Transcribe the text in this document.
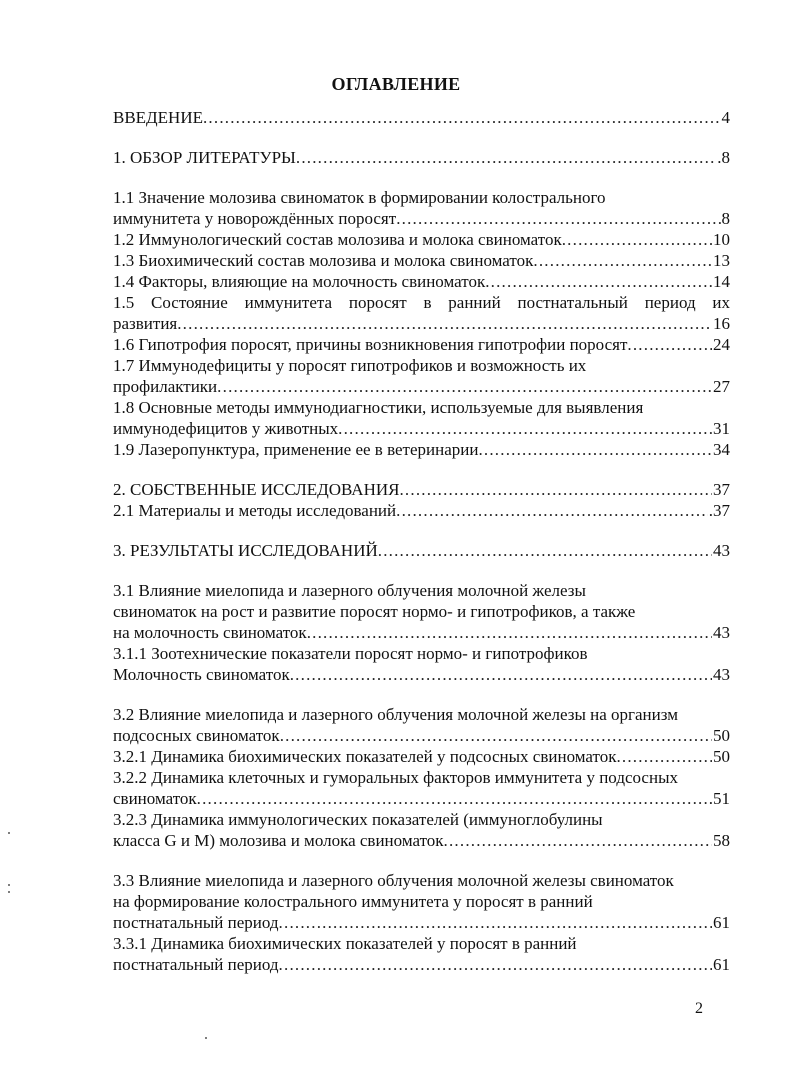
ОГЛАВЛЕНИЕ
ВВЕДЕНИЕ .....	4
1. ОБЗОР ЛИТЕРАТУРЫ .....	.8
1.1 Значение молозива свиноматок в формировании колострального
иммунитета у новорождённых поросят .....	8
1.2 Иммунологический состав молозива и молока свиноматок .....	10
1.3 Биохимический состав молозива и молока свиноматок .....	13
1.4 Факторы, влияющие на молочность свиноматок .....	14
1.5 Состояние иммунитета поросят в ранний постнатальный период их
развития .....	16
1.6 Гипотрофия поросят, причины возникновения гипотрофии поросят .....	24
1.7 Иммунодефициты у поросят гипотрофиков и возможность их
профилактики .....	27
1.8 Основные методы иммунодиагностики, используемые для выявления
иммунодефицитов у животных .....	31
1.9 Лазеропунктура, применение ее в ветеринарии .....	34
2. СОБСТВЕННЫЕ ИССЛЕДОВАНИЯ .....	37
2.1 Материалы и методы исследований .....	.37
3. РЕЗУЛЬТАТЫ ИССЛЕДОВАНИЙ .....	43
3.1 Влияние миелопида и лазерного облучения молочной железы
свиноматок на рост и развитие поросят нормо- и гипотрофиков, а также
на молочность свиноматок .....	43
3.1.1 Зоотехнические показатели поросят нормо- и гипотрофиков
Молочность свиноматок .....	43
3.2 Влияние миелопида и лазерного облучения молочной железы на организм
подсосных свиноматок .....	50
3.2.1 Динамика биохимических показателей у подсосных свиноматок .....	50
3.2.2 Динамика клеточных и гуморальных факторов иммунитета у подсосных
свиноматок .....	.51
3.2.3 Динамика иммунологических показателей (иммуноглобулины
класса G и М) молозива и молока свиноматок .....	58
3.3 Влияние миелопида и лазерного облучения молочной железы свиноматок
на формирование колострального иммунитета у поросят в ранний
постнатальный период .....	61
3.3.1 Динамика биохимических показателей у поросят в ранний
постнатальный период .....	61
2
